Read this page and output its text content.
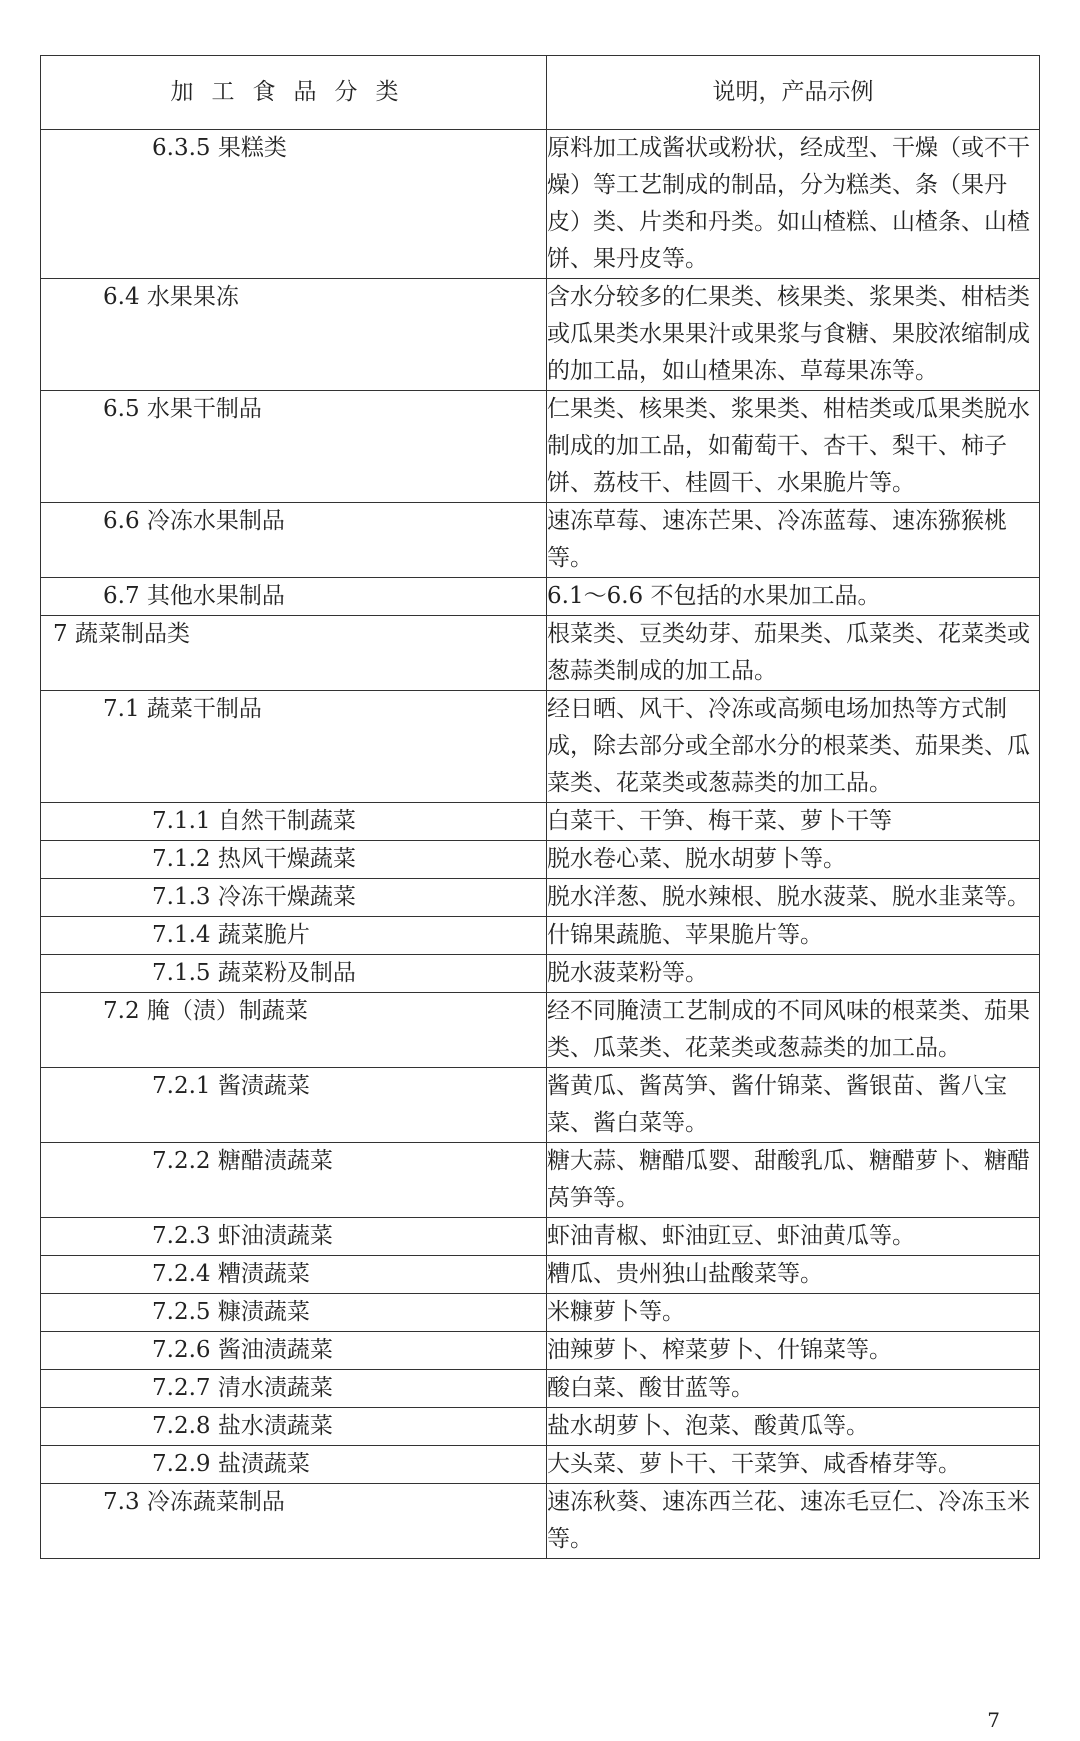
加工食品分类	说明，产品示例
6.3.5 果糕类	原料加工成酱状或粉状，经成型、干燥（或不干燥）等工艺制成的制品，分为糕类、条（果丹皮）类、片类和丹类。如山楂糕、山楂条、山楂饼、果丹皮等。
6.4 水果果冻	含水分较多的仁果类、核果类、浆果类、柑桔类或瓜果类水果果汁或果浆与食糖、果胶浓缩制成的加工品，如山楂果冻、草莓果冻等。
6.5 水果干制品	仁果类、核果类、浆果类、柑桔类或瓜果类脱水制成的加工品，如葡萄干、杏干、梨干、柿子饼、荔枝干、桂圆干、水果脆片等。
6.6 冷冻水果制品	速冻草莓、速冻芒果、冷冻蓝莓、速冻猕猴桃等。
6.7 其他水果制品	6.1～6.6 不包括的水果加工品。
7 蔬菜制品类	根菜类、豆类幼芽、茄果类、瓜菜类、花菜类或葱蒜类制成的加工品。
7.1 蔬菜干制品	经日晒、风干、冷冻或高频电场加热等方式制成，除去部分或全部水分的根菜类、茄果类、瓜菜类、花菜类或葱蒜类的加工品。
7.1.1 自然干制蔬菜	白菜干、干笋、梅干菜、萝卜干等
7.1.2 热风干燥蔬菜	脱水卷心菜、脱水胡萝卜等。
7.1.3 冷冻干燥蔬菜	脱水洋葱、脱水辣根、脱水菠菜、脱水韭菜等。
7.1.4 蔬菜脆片	什锦果蔬脆、苹果脆片等。
7.1.5 蔬菜粉及制品	脱水菠菜粉等。
7.2 腌（渍）制蔬菜	经不同腌渍工艺制成的不同风味的根菜类、茄果类、瓜菜类、花菜类或葱蒜类的加工品。
7.2.1 酱渍蔬菜	酱黄瓜、酱莴笋、酱什锦菜、酱银苗、酱八宝菜、酱白菜等。
7.2.2 糖醋渍蔬菜	糖大蒜、糖醋瓜婴、甜酸乳瓜、糖醋萝卜、糖醋莴笋等。
7.2.3 虾油渍蔬菜	虾油青椒、虾油豇豆、虾油黄瓜等。
7.2.4 糟渍蔬菜	糟瓜、贵州独山盐酸菜等。
7.2.5 糠渍蔬菜	米糠萝卜等。
7.2.6 酱油渍蔬菜	油辣萝卜、榨菜萝卜、什锦菜等。
7.2.7 清水渍蔬菜	酸白菜、酸甘蓝等。
7.2.8 盐水渍蔬菜	盐水胡萝卜、泡菜、酸黄瓜等。
7.2.9 盐渍蔬菜	大头菜、萝卜干、干菜笋、咸香椿芽等。
7.3 冷冻蔬菜制品	速冻秋葵、速冻西兰花、速冻毛豆仁、冷冻玉米等。
7
